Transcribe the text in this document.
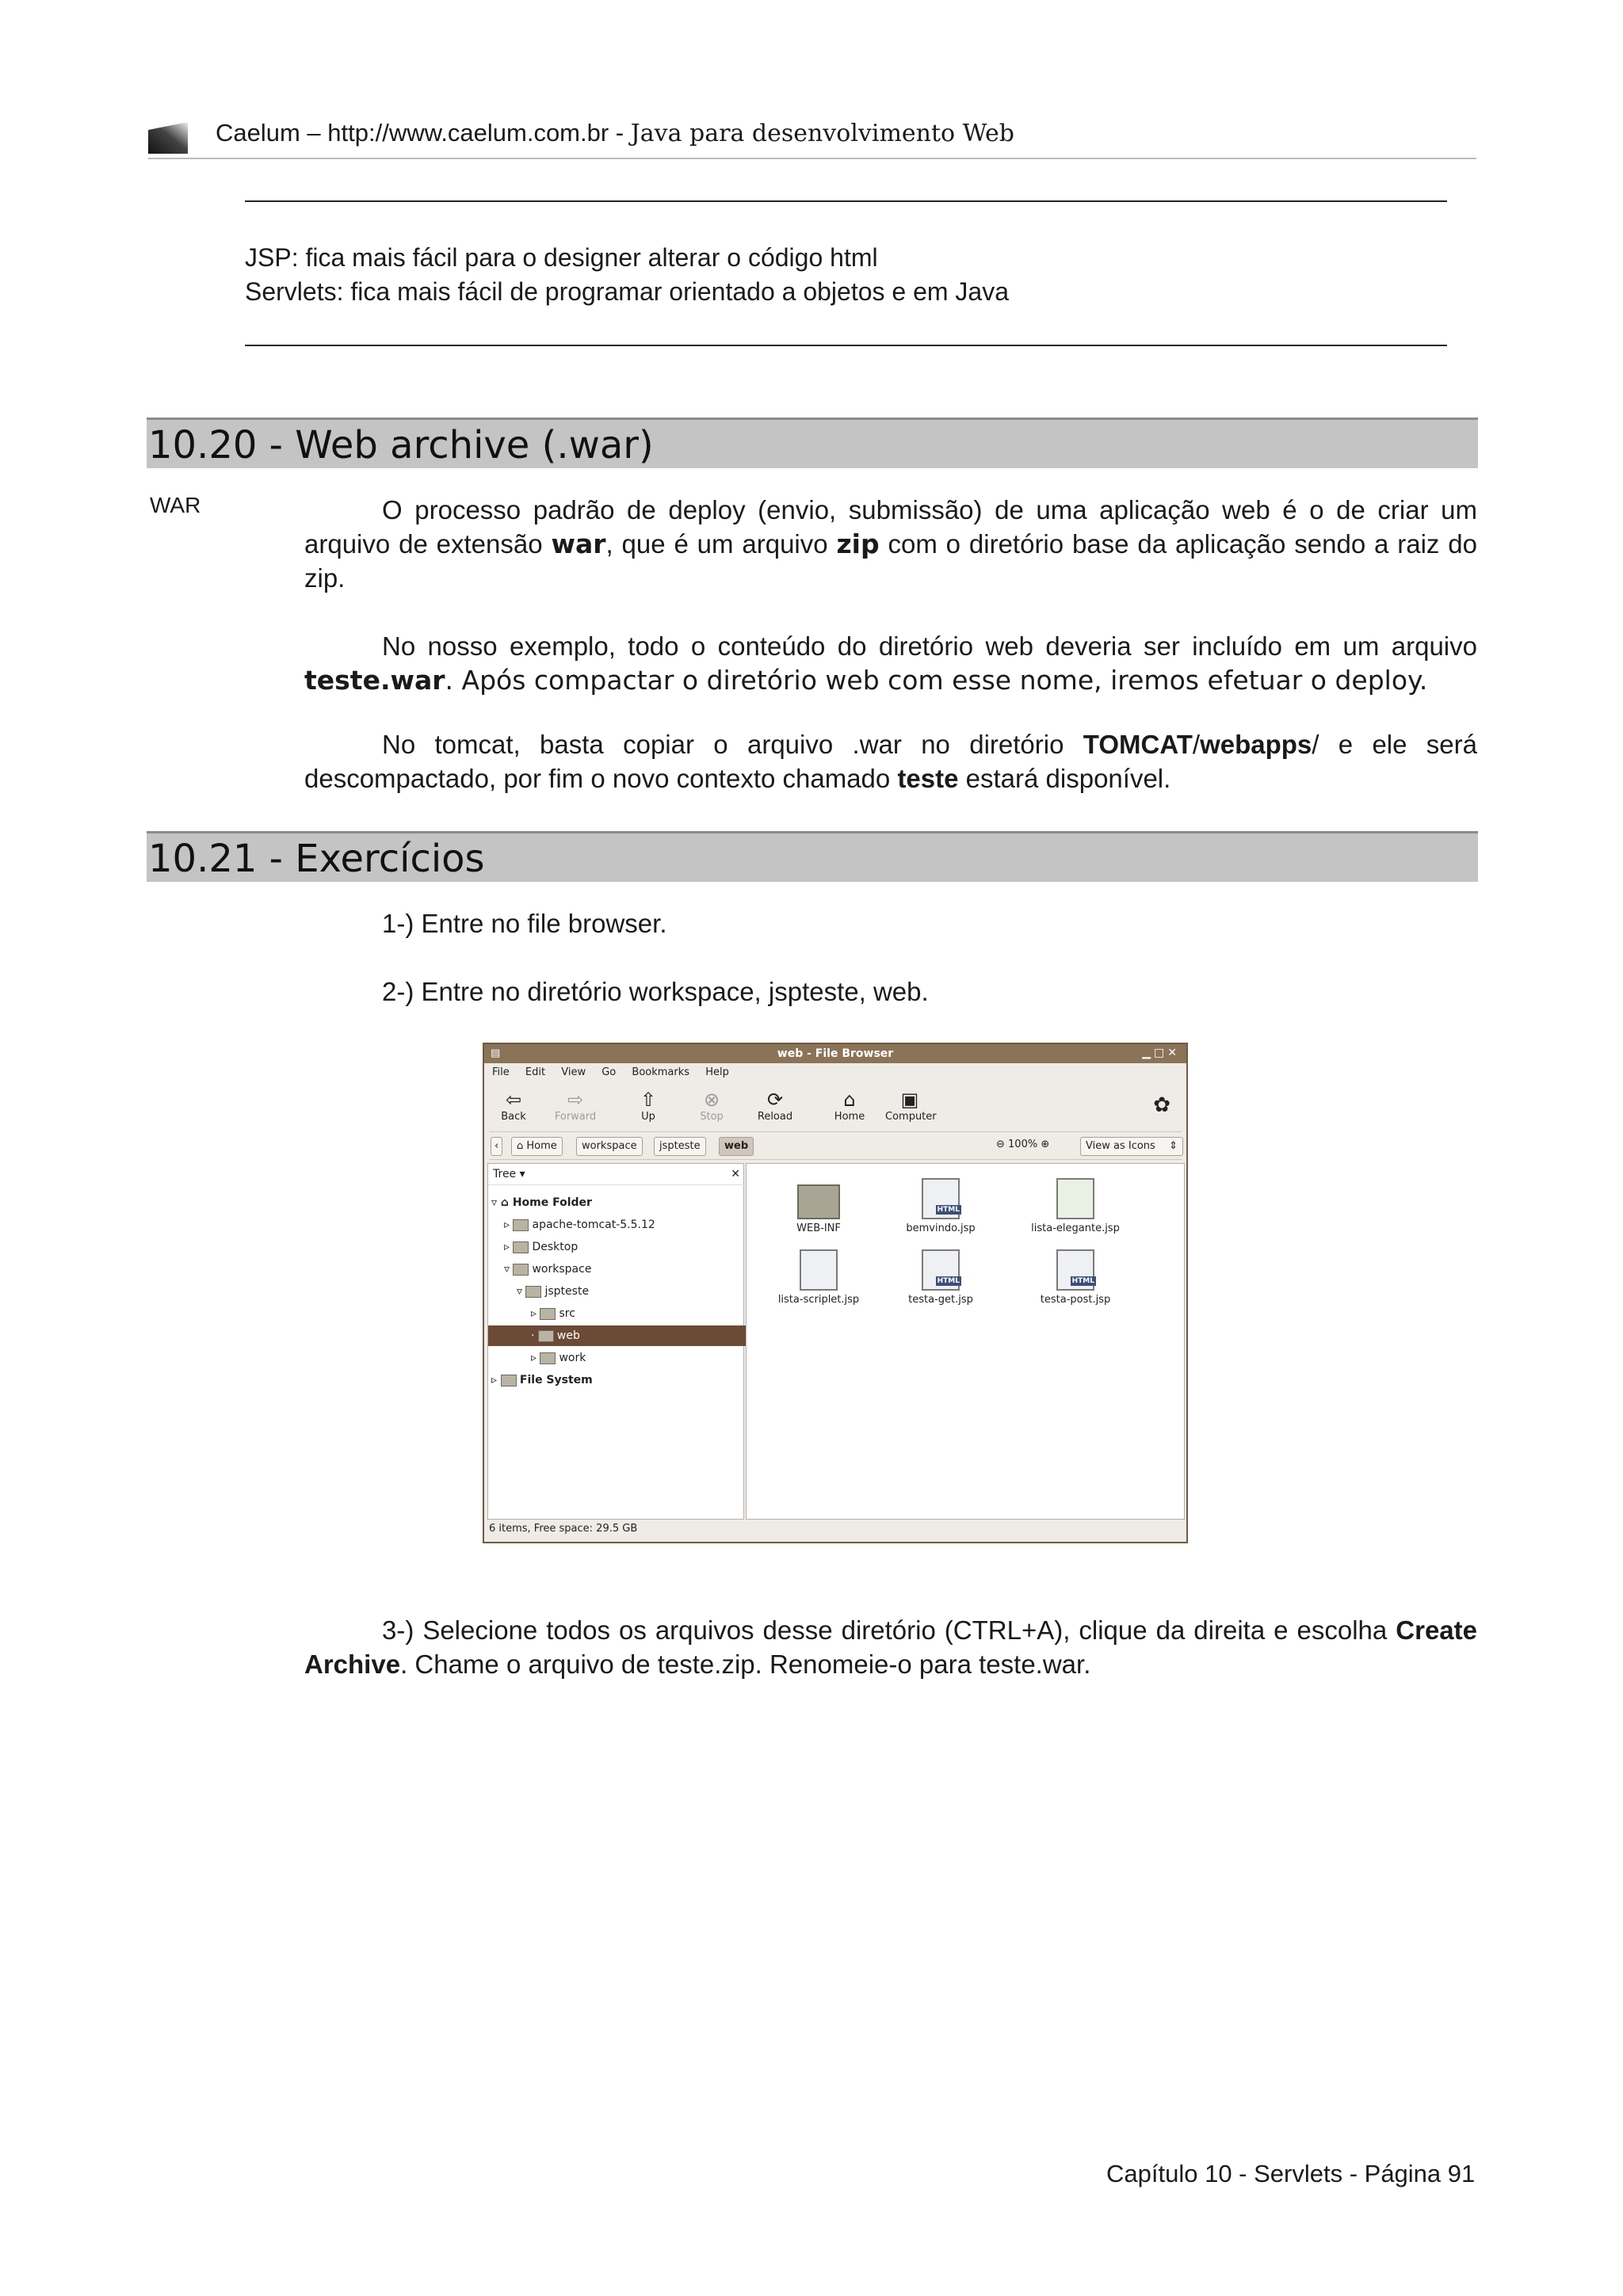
Caelum – http://www.caelum.com.br - Java para desenvolvimento Web
JSP: fica mais fácil para o designer alterar o código html
Servlets: fica mais fácil de programar orientado a objetos e em Java
10.20 - Web archive (.war)
WAR	O processo padrão de deploy (envio, submissão) de uma aplicação web é o de criar um arquivo de extensão war, que é um arquivo zip com o diretório base da aplicação sendo a raiz do zip.

No nosso exemplo, todo o conteúdo do diretório web deveria ser incluído em um arquivo teste.war. Após compactar o diretório web com esse nome, iremos efetuar o deploy.

No tomcat, basta copiar o arquivo .war no diretório TOMCAT/webapps/ e ele será descompactado, por fim o novo contexto chamado teste estará disponível.

10.21 - Exercícios
1-) Entre no file browser.
2-) Entre no diretório workspace, jspteste, web.
web - File Browser
▤	▁□✕
File Edit View Go Bookmarks Help
⇦
Back
⇨
Forward
⇧
Up
⊗
Stop
⟳
Reload
⌂
Home
▣
Computer	✿
‹	⌂ Home	workspace	jspteste	web	⊖ 100% ⊕	View as Icons ⇕
Tree ▾	✕
▿ ⌂ Home Folder
▹ apache-tomcat-5.5.12
▹ Desktop
▿ workspace
▿ jspteste
▹ src
· web
▹ work
▹ File System
WEB-INF
HTML
bemvindo.jsp	lista-elegante.jsp
lista-scriplet.jsp
HTML
testa-get.jsp
HTML
testa-post.jsp
6 items, Free space: 29.5 GB

3-) Selecione todos os arquivos desse diretório (CTRL+A), clique da direita e escolha Create Archive. Chame o arquivo de teste.zip. Renomeie-o para teste.war.

Capítulo 10 - Servlets - Página 91
